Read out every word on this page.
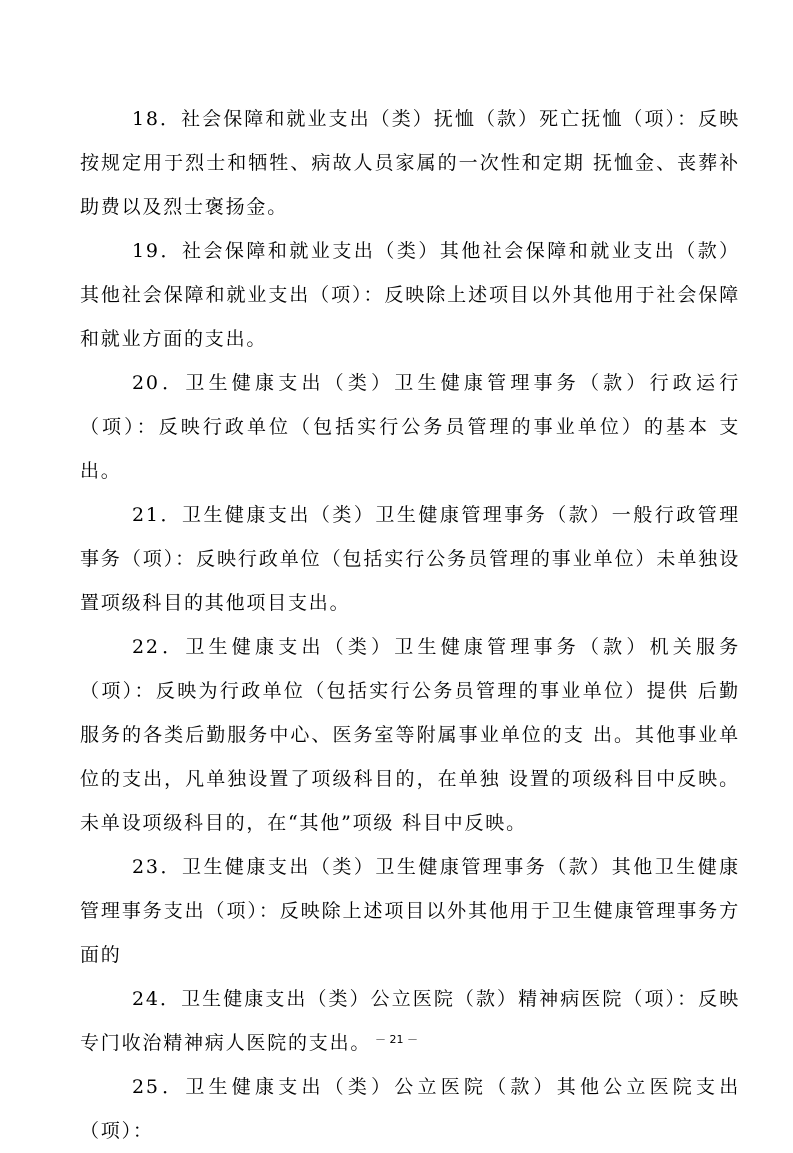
18．社会保障和就业支出（类）抚恤（款）死亡抚恤（项）：反映按规定用于烈士和牺牲、病故人员家属的一次性和定期 抚恤金、丧葬补助费以及烈士褒扬金。

19．社会保障和就业支出（类）其他社会保障和就业支出（款）其他社会保障和就业支出（项）：反映除上述项目以外其他用于社会保障和就业方面的支出。

20．卫生健康支出（类）卫生健康管理事务（款）行政运行（项）：反映行政单位（包括实行公务员管理的事业单位）的基本 支出。

21．卫生健康支出（类）卫生健康管理事务（款）一般行政管理事务（项）：反映行政单位（包括实行公务员管理的事业单位）未单独设置项级科目的其他项目支出。

22．卫生健康支出（类）卫生健康管理事务（款）机关服务（项）：反映为行政单位（包括实行公务员管理的事业单位）提供 后勤服务的各类后勤服务中心、医务室等附属事业单位的支 出。其他事业单位的支出，凡单独设置了项级科目的，在单独 设置的项级科目中反映。未单设项级科目的，在“其他”项级 科目中反映。

23．卫生健康支出（类）卫生健康管理事务（款）其他卫生健康管理事务支出（项）：反映除上述项目以外其他用于卫生健康管理事务方面的

24．卫生健康支出（类）公立医院（款）精神病医院（项）：反映专门收治精神病人医院的支出。

25．卫生健康支出（类）公立医院（款）其他公立医院支出（项）：

－ 21 －
